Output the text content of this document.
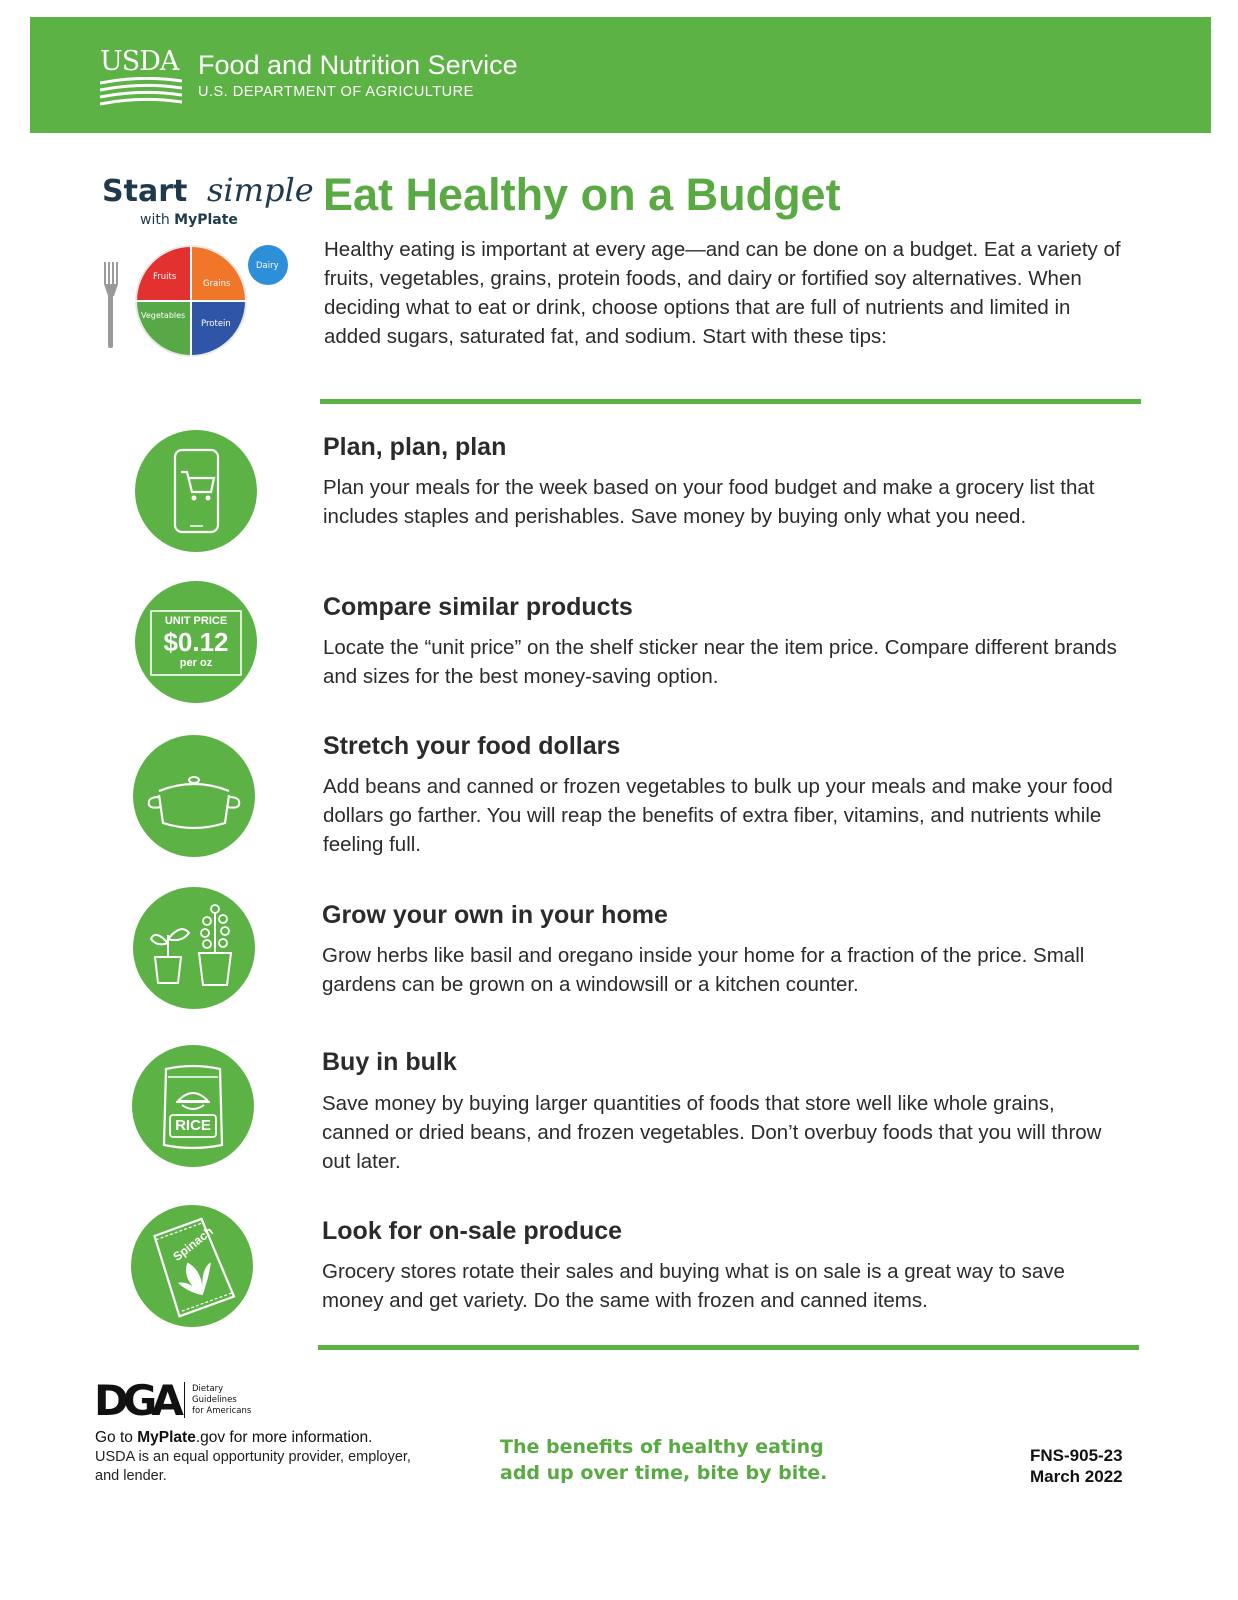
USDA Food and Nutrition Service
U.S. DEPARTMENT OF AGRICULTURE
Start simple
with MyPlate
Fruits
Grains
Vegetables
Protein
Dairy
Eat Healthy on a Budget

Healthy eating is important at every age—and can be done on a budget. Eat a variety of fruits, vegetables, grains, protein foods, and dairy or fortified soy alternatives. When deciding what to eat or drink, choose options that are full of nutrients and limited in added sugars, saturated fat, and sodium. Start with these tips:

Plan, plan, plan

Plan your meals for the week based on your food budget and make a grocery list that includes staples and perishables. Save money by buying only what you need.

UNIT PRICE
$0.12
per oz
Compare similar products

Locate the “unit price” on the shelf sticker near the item price. Compare different brands and sizes for the best money-saving option.

Stretch your food dollars

Add beans and canned or frozen vegetables to bulk up your meals and make your food dollars go farther. You will reap the benefits of extra fiber, vitamins, and nutrients while feeling full.

Grow your own in your home

Grow herbs like basil and oregano inside your home for a fraction of the price. Small gardens can be grown on a windowsill or a kitchen counter.

RICE
Buy in bulk

Save money by buying larger quantities of foods that store well like whole grains, canned or dried beans, and frozen vegetables. Don’t overbuy foods that you will throw out later.

Spinach	Look for on-sale produce

Grocery stores rotate their sales and buying what is on sale is a great way to save money and get variety. Do the same with frozen and canned items.

DGA Dietary
Guidelines
for Americans
Go to MyPlate.gov for more information.
USDA is an equal opportunity provider, employer, and lender.
The benefits of healthy eating
add up over time, bite by bite.
FNS-905-23
March 2022
